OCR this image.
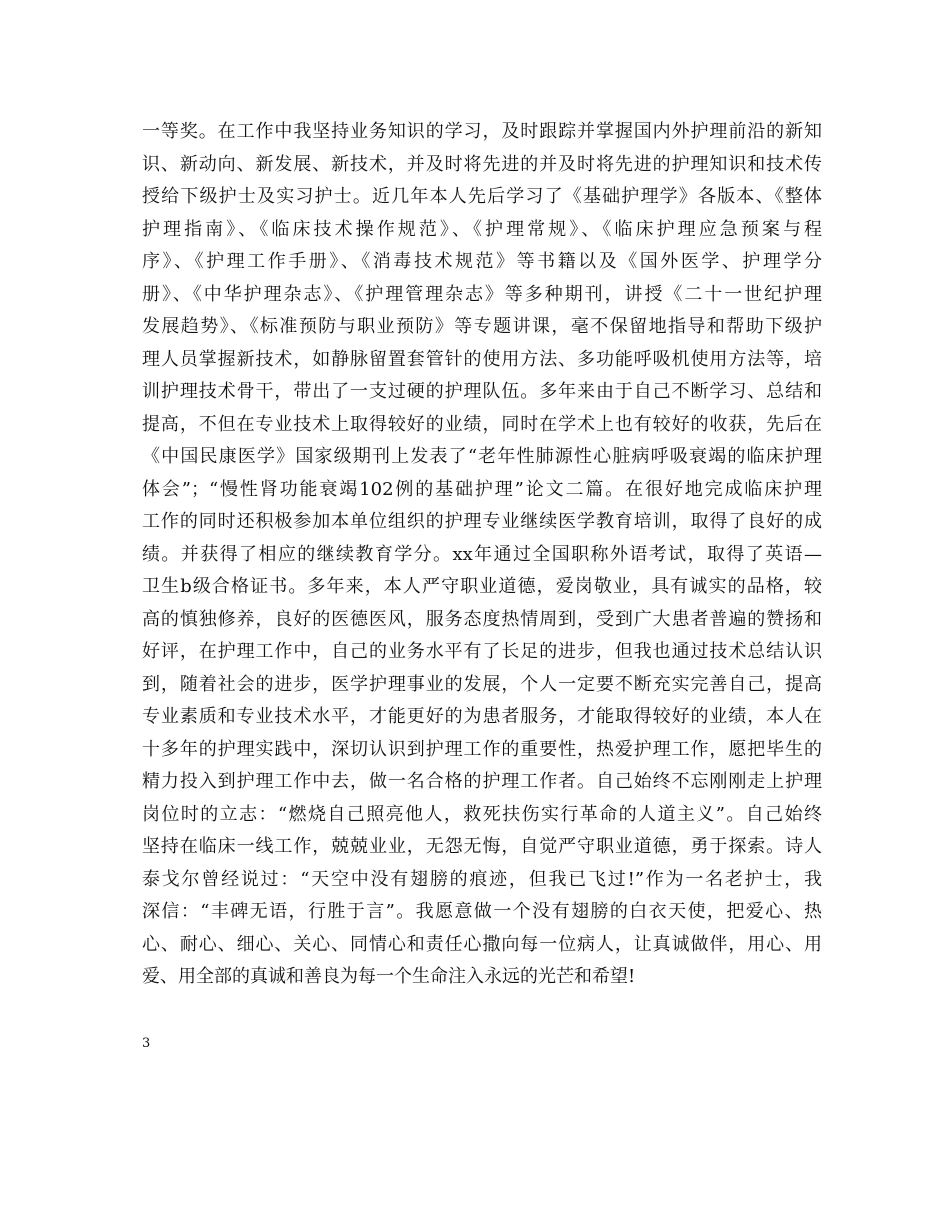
一等奖。在工作中我坚持业务知识的学习，及时跟踪并掌握国内外护理前沿的新知
识、新动向、新发展、新技术，并及时将先进的并及时将先进的护理知识和技术传
授给下级护士及实习护士。近几年本人先后学习了《基础护理学》各版本、《整体
护理指南》、《临床技术操作规范》、《护理常规》、《临床护理应急预案与程
序》、《护理工作手册》、《消毒技术规范》等书籍以及《国外医学、护理学分
册》、《中华护理杂志》、《护理管理杂志》等多种期刊，讲授《二十一世纪护理
发展趋势》、《标准预防与职业预防》等专题讲课，毫不保留地指导和帮助下级护
理人员掌握新技术，如静脉留置套管针的使用方法、多功能呼吸机使用方法等，培
训护理技术骨干，带出了一支过硬的护理队伍。多年来由于自己不断学习、总结和
提高，不但在专业技术上取得较好的业绩，同时在学术上也有较好的收获，先后在
《中国民康医学》国家级期刊上发表了“老年性肺源性心脏病呼吸衰竭的临床护理
体会”；“慢性肾功能衰竭102例的基础护理”论文二篇。在很好地完成临床护理
工作的同时还积极参加本单位组织的护理专业继续医学教育培训，取得了良好的成
绩。并获得了相应的继续教育学分。xx年通过全国职称外语考试，取得了英语—
卫生b级合格证书。多年来，本人严守职业道德，爱岗敬业，具有诚实的品格，较
高的慎独修养，良好的医德医风，服务态度热情周到，受到广大患者普遍的赞扬和
好评，在护理工作中，自己的业务水平有了长足的进步，但我也通过技术总结认识
到，随着社会的进步，医学护理事业的发展，个人一定要不断充实完善自己，提高
专业素质和专业技术水平，才能更好的为患者服务，才能取得较好的业绩，本人在
十多年的护理实践中，深切认识到护理工作的重要性，热爱护理工作，愿把毕生的
精力投入到护理工作中去，做一名合格的护理工作者。自己始终不忘刚刚走上护理
岗位时的立志：“燃烧自己照亮他人，救死扶伤实行革命的人道主义”。自己始终
坚持在临床一线工作，兢兢业业，无怨无悔，自觉严守职业道德，勇于探索。诗人
泰戈尔曾经说过：“天空中没有翅膀的痕迹，但我已飞过!”作为一名老护士，我
深信：“丰碑无语，行胜于言”。我愿意做一个没有翅膀的白衣天使，把爱心、热
心、耐心、细心、关心、同情心和责任心撒向每一位病人，让真诚做伴，用心、用
爱、用全部的真诚和善良为每一个生命注入永远的光芒和希望!
3
